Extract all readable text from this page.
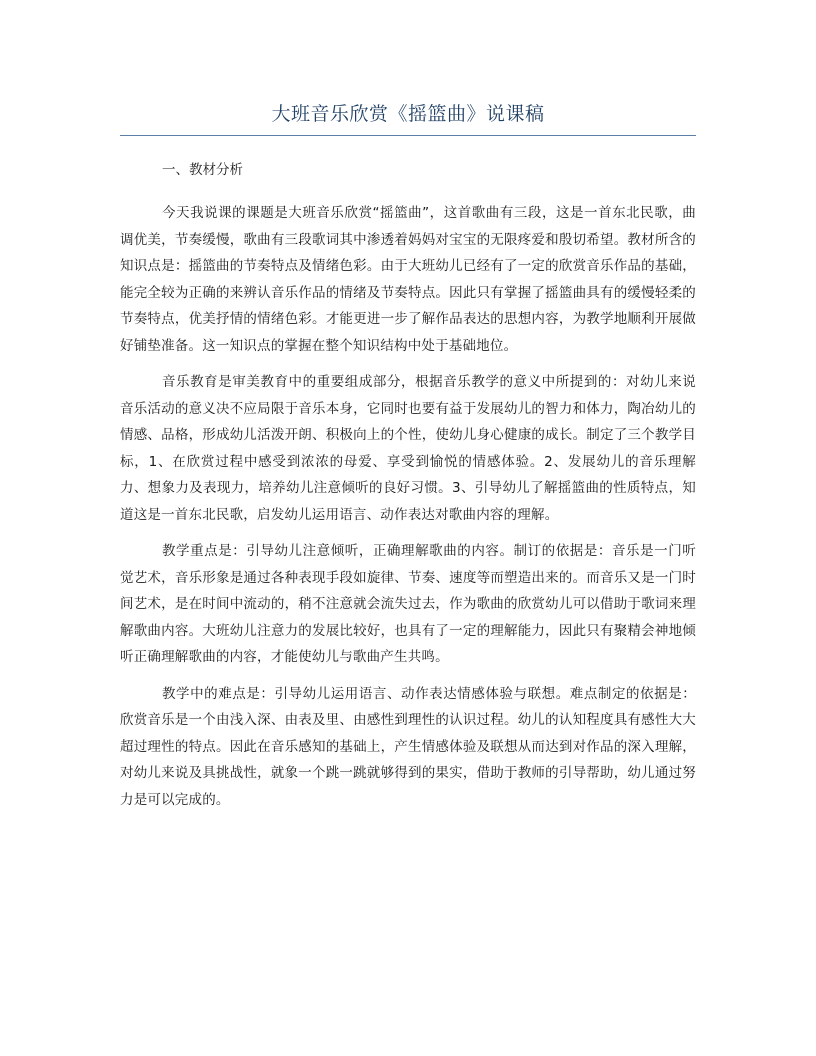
大班音乐欣赏《摇篮曲》说课稿
一、教材分析

今天我说课的课题是大班音乐欣赏“摇篮曲”，这首歌曲有三段，这是一首东北民歌，曲调优美，节奏缓慢，歌曲有三段歌词其中渗透着妈妈对宝宝的无限疼爱和殷切希望。教材所含的知识点是：摇篮曲的节奏特点及情绪色彩。由于大班幼儿已经有了一定的欣赏音乐作品的基础，能完全较为正确的来辨认音乐作品的情绪及节奏特点。因此只有掌握了摇篮曲具有的缓慢轻柔的节奏特点，优美抒情的情绪色彩。才能更进一步了解作品表达的思想内容，为教学地顺利开展做好铺垫准备。这一知识点的掌握在整个知识结构中处于基础地位。

音乐教育是审美教育中的重要组成部分，根据音乐教学的意义中所提到的：对幼儿来说音乐活动的意义决不应局限于音乐本身，它同时也要有益于发展幼儿的智力和体力，陶冶幼儿的情感、品格，形成幼儿活泼开朗、积极向上的个性，使幼儿身心健康的成长。制定了三个教学目标，1、在欣赏过程中感受到浓浓的母爱、享受到愉悦的情感体验。2、发展幼儿的音乐理解力、想象力及表现力，培养幼儿注意倾听的良好习惯。3、引导幼儿了解摇篮曲的性质特点，知道这是一首东北民歌，启发幼儿运用语言、动作表达对歌曲内容的理解。

教学重点是：引导幼儿注意倾听，正确理解歌曲的内容。制订的依据是：音乐是一门听觉艺术，音乐形象是通过各种表现手段如旋律、节奏、速度等而塑造出来的。而音乐又是一门时间艺术，是在时间中流动的，稍不注意就会流失过去，作为歌曲的欣赏幼儿可以借助于歌词来理解歌曲内容。大班幼儿注意力的发展比较好，也具有了一定的理解能力，因此只有聚精会神地倾听正确理解歌曲的内容，才能使幼儿与歌曲产生共鸣。

教学中的难点是：引导幼儿运用语言、动作表达情感体验与联想。难点制定的依据是：欣赏音乐是一个由浅入深、由表及里、由感性到理性的认识过程。幼儿的认知程度具有感性大大超过理性的特点。因此在音乐感知的基础上，产生情感体验及联想从而达到对作品的深入理解，对幼儿来说及具挑战性，就象一个跳一跳就够得到的果实，借助于教师的引导帮助，幼儿通过努力是可以完成的。
